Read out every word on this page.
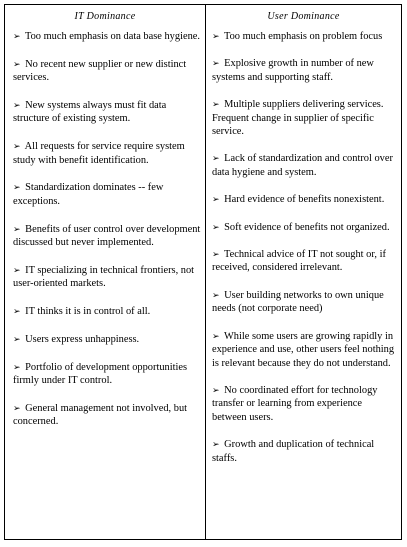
IT Dominance
➢ Too much emphasis on data base hygiene.
➢ No recent new supplier or new distinct services.
➢ New systems always must fit data structure of existing system.
➢ All requests for service require system study with benefit identification.
➢ Standardization dominates -- few exceptions.
➢ Benefits of user control over development discussed but never implemented.
➢ IT specializing in technical frontiers, not user-oriented markets.
➢ IT thinks it is in control of all.
➢ Users express unhappiness.
➢ Portfolio of development opportunities firmly under IT control.
➢ General management not involved, but concerned.
User Dominance
➢ Too much emphasis on problem focus
➢ Explosive growth in number of new systems and supporting staff.
➢ Multiple suppliers delivering services. Frequent change in supplier of specific service.
➢ Lack of standardization and control over data hygiene and system.
➢ Hard evidence of benefits nonexistent.
➢ Soft evidence of benefits not organized.
➢ Technical advice of IT not sought or, if received, considered irrelevant.
➢ User building networks to own unique needs (not corporate need)
➢ While some users are growing rapidly in experience and use, other users feel nothing is relevant because they do not understand.
➢ No coordinated effort for technology transfer or learning from experience between users.
➢ Growth and duplication of technical staffs.
